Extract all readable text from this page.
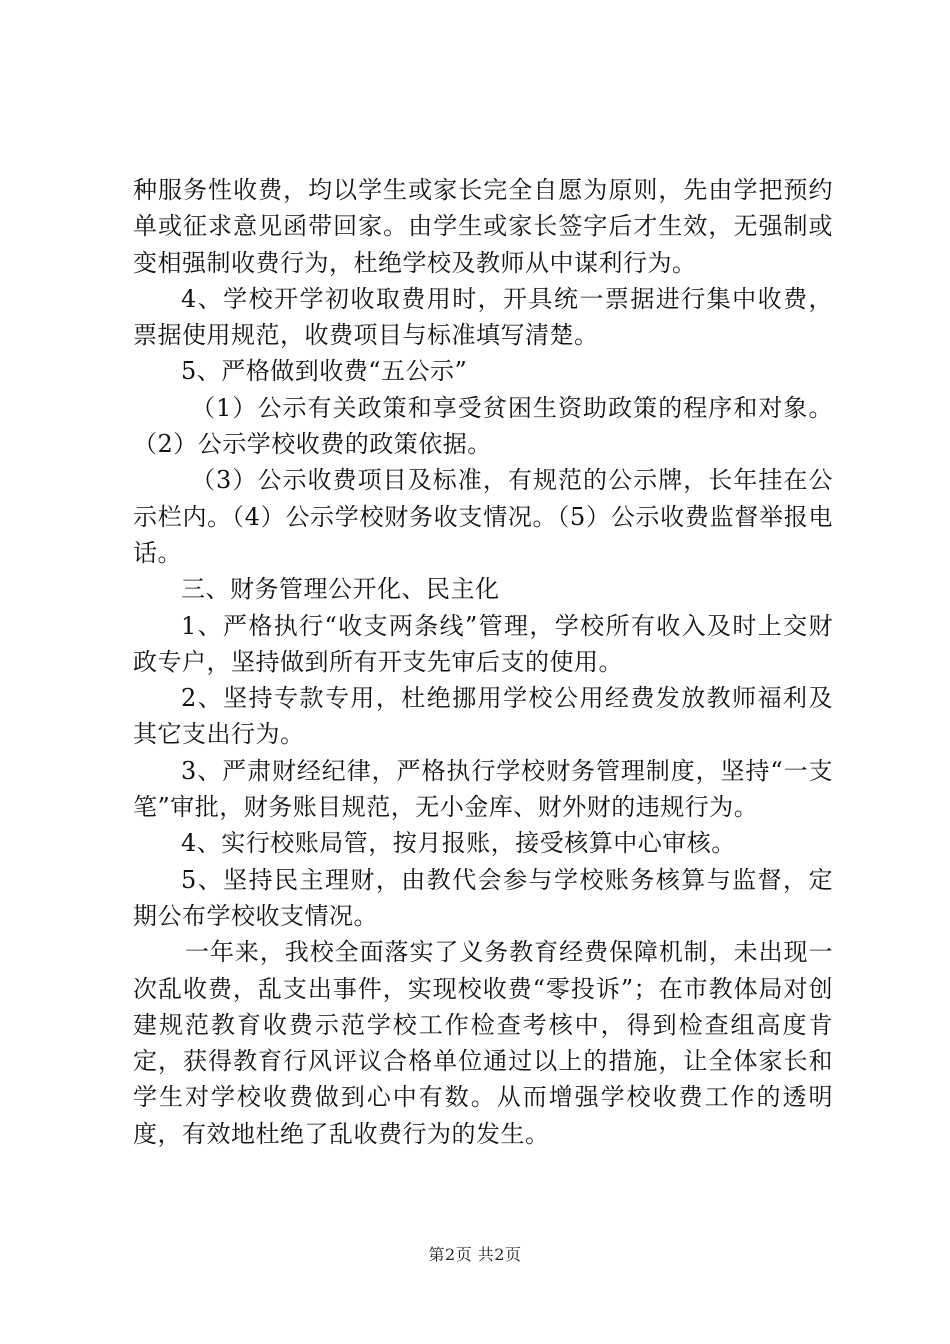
种服务性收费，均以学生或家长完全自愿为原则，先由学把预约单或征求意见函带回家。由学生或家长签字后才生效，无强制或变相强制收费行为，杜绝学校及教师从中谋利行为。

4、学校开学初收取费用时，开具统一票据进行集中收费，票据使用规范，收费项目与标准填写清楚。

5、严格做到收费“五公示”

（1）公示有关政策和享受贫困生资助政策的程序和对象。（2）公示学校收费的政策依据。

（3）公示收费项目及标准，有规范的公示牌，长年挂在公示栏内。（4）公示学校财务收支情况。（5）公示收费监督举报电话。

三、财务管理公开化、民主化

1、严格执行“收支两条线”管理，学校所有收入及时上交财政专户，坚持做到所有开支先审后支的使用。

2、坚持专款专用，杜绝挪用学校公用经费发放教师福利及其它支出行为。

3、严肃财经纪律，严格执行学校财务管理制度，坚持“一支笔”审批，财务账目规范，无小金库、财外财的违规行为。

4、实行校账局管，按月报账，接受核算中心审核。

5、坚持民主理财，由教代会参与学校账务核算与监督，定期公布学校收支情况。

一年来，我校全面落实了义务教育经费保障机制，未出现一次乱收费，乱支出事件，实现校收费“零投诉”；在市教体局对创建规范教育收费示范学校工作检查考核中，得到检查组高度肯定，获得教育行风评议合格单位通过以上的措施，让全体家长和学生对学校收费做到心中有数。从而增强学校收费工作的透明度，有效地杜绝了乱收费行为的发生。

第2页 共2页
